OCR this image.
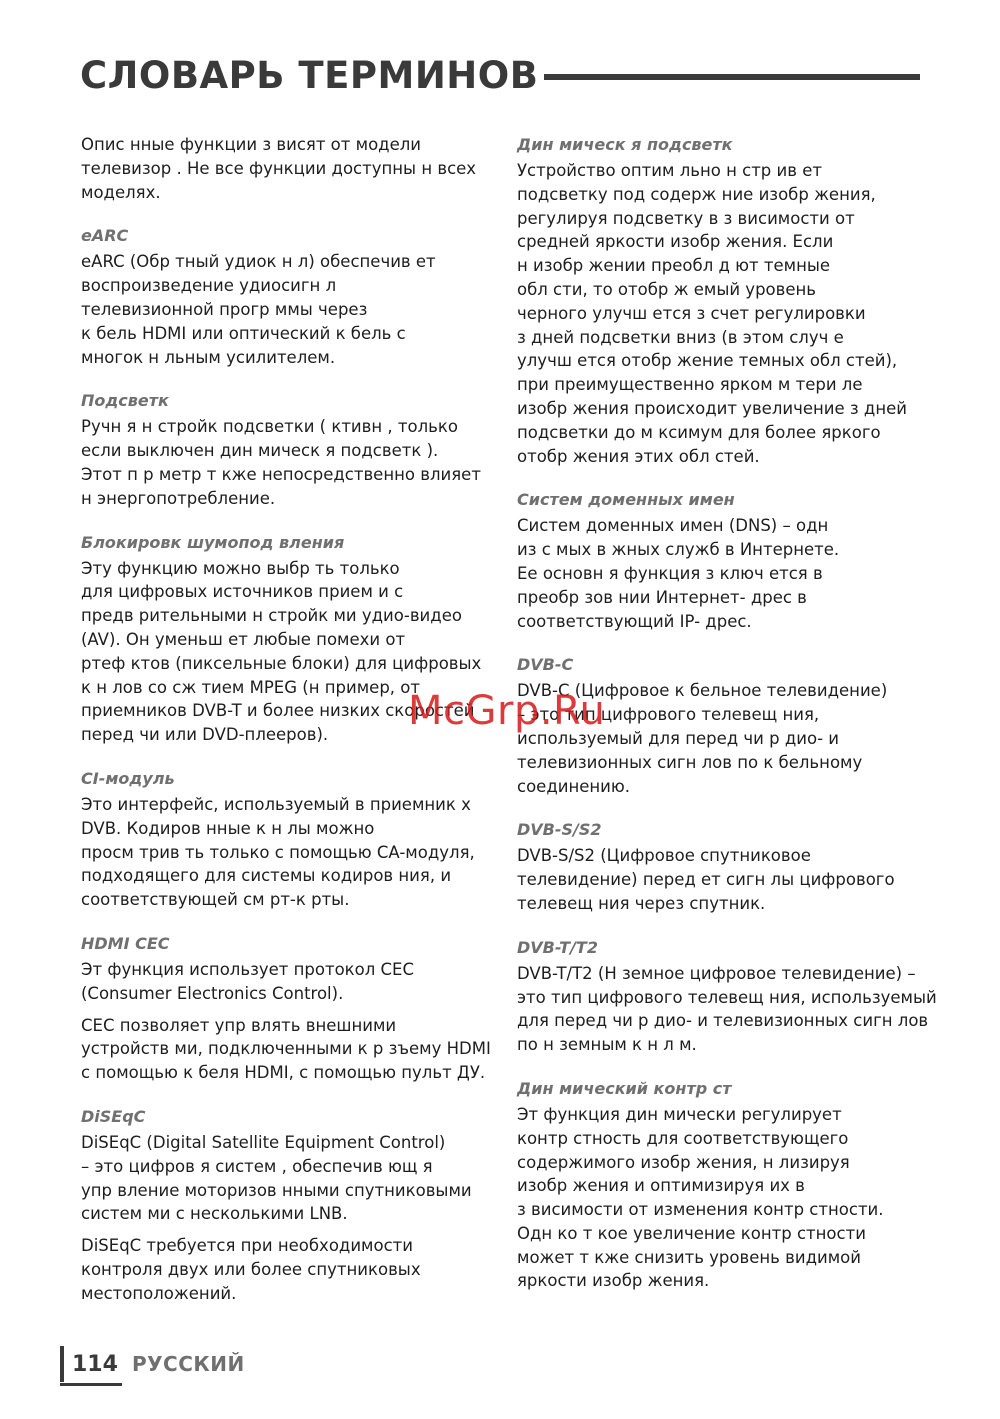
СЛОВАРЬ ТЕРМИНОВ

Опис нные функции з висят от модели
телевизор . Не все функции доступны н всех
моделях.

eARC

eARC (Обр тный удиок н л) обеспечив ет
воспроизведение удиосигн л
телевизионной прогр ммы через
к бель HDMI или оптический к бель с
многок н льным усилителем.

Подсветк

Ручн я н стройк подсветки ( ктивн , только
если выключен дин мическ я подсветк ).
Этот п р метр т кже непосредственно влияет
н энергопотребление.

Блокировк шумопод вления

Эту функцию можно выбр ть только
для цифровых источников прием и с
предв рительными н стройк ми удио-видео
(AV). Он уменьш ет любые помехи от
ртеф ктов (пиксельные блоки) для цифровых
к н лов со сж тием MPEG (н пример, от
приемников DVB-T и более низких скоростей
перед чи или DVD-плееров).

CI-модуль

Это интерфейс, используемый в приемник х
DVB. Кодиров нные к н лы можно
просм трив ть только с помощью CA-модуля,
подходящего для системы кодиров ния, и
соответствующей см рт-к рты.

HDMI CEC

Эт функция использует протокол CEC
(Consumer Electronics Control).

CEC позволяет упр влять внешними
устройств ми, подключенными к р зъему HDMI
с помощью к беля HDMI, с помощью пульт ДУ.

DiSEqC

DiSEqC (Digital Satellite Equipment Control)
– это цифров я систем , обеспечив ющ я
упр вление моторизов нными спутниковыми
систем ми с несколькими LNB.

DiSEqC требуется при необходимости
контроля двух или более спутниковых
местоположений.

Дин мическ я подсветк

Устройство оптим льно н стр ив ет
подсветку под содерж ние изобр жения,
регулируя подсветку в з висимости от
средней яркости изобр жения. Если
н изобр жении преобл д ют темные
обл сти, то отобр ж емый уровень
черного улучш ется з счет регулировки
з дней подсветки вниз (в этом случ е
улучш ется отобр жение темных обл стей),
при преимущественно ярком м тери ле
изобр жения происходит увеличение з дней
подсветки до м ксимум для более яркого
отобр жения этих обл стей.

Систем доменных имен

Систем доменных имен (DNS) – одн
из с мых в жных служб в Интернете.
Ее основн я функция з ключ ется в
преобр зов нии Интернет- дрес в
соответствующий IP- дрес.

DVB-C

DVB-C (Цифровое к бельное телевидение)
– это тип цифрового телевещ ния,
используемый для перед чи р дио- и
телевизионных сигн лов по к бельному
соединению.

DVB-S/S2

DVB-S/S2 (Цифровое спутниковое
телевидение) перед ет сигн лы цифрового
телевещ ния через спутник.

DVB-T/T2

DVB-T/T2 (Н земное цифровое телевидение) –
это тип цифрового телевещ ния, используемый
для перед чи р дио- и телевизионных сигн лов
по н земным к н л м.

Дин мический контр ст

Эт функция дин мически регулирует
контр стность для соответствующего
содержимого изобр жения, н лизируя
изобр жения и оптимизируя их в
з висимости от изменения контр стности.
Одн ко т кое увеличение контр стности
может т кже снизить уровень видимой
яркости изобр жения.

McGrp.Ru
114 РУССКИЙ
